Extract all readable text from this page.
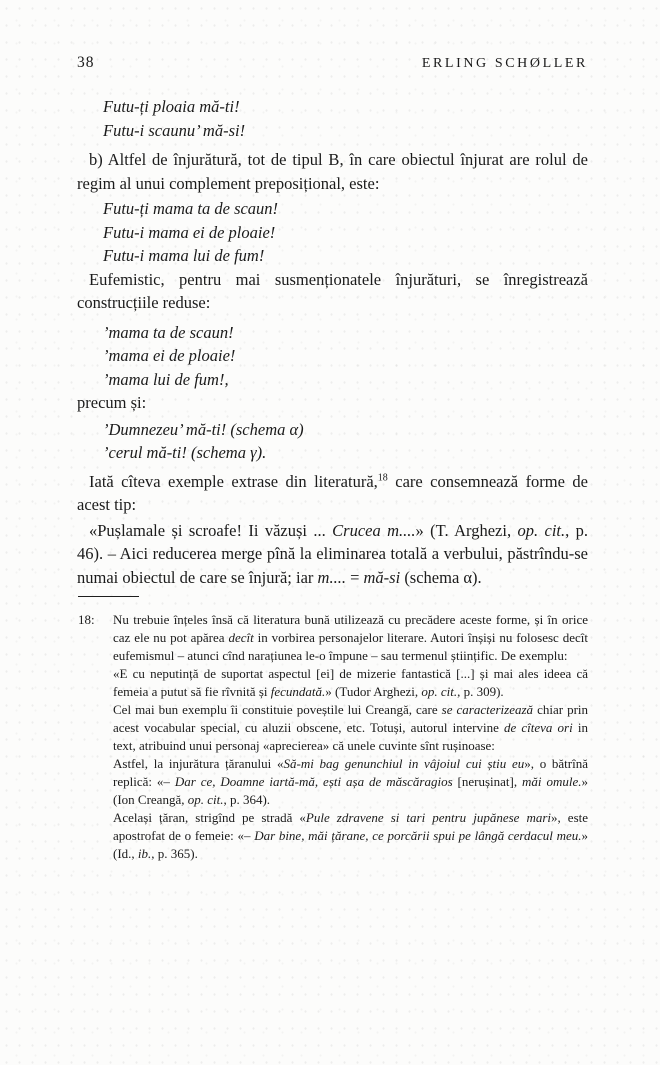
38	ERLING SCHØLLER
Futu-ți ploaia mă-ti!
Futu-i scaunu’ mă-si!

b) Altfel de înjurătură, tot de tipul B, în care obiectul înjurat are rolul de regim al unui complement preposițional, este:

Futu-ți mama ta de scaun!
Futu-i mama ei de ploaie!
Futu-i mama lui de fum!

Eufemistic, pentru mai susmenționatele înjurături, se înregistrează construcțiile reduse:

’mama ta de scaun!
’mama ei de ploaie!
’mama lui de fum!,

precum și:

’Dumnezeu’ mă-ti! (schema α)
’cerul mă-ti! (schema γ).

Iată cîteva exemple extrase din literatură,$^{18}$ care consemnează forme de acest tip:

«Pușlamale și scroafe! Ii văzuși ... Crucea m....» (T. Arghezi, op. cit., p. 46). – Aici reducerea merge pînă la eliminarea totală a verbului, păstrîndu-se numai obiectul de care se înjură; iar m.... = mă-si (schema α).

18: Nu trebuie înțeles însă că literatura bună utilizează cu precădere aceste forme, și în orice caz ele nu pot apărea decît in vorbirea personajelor literare. Autori înșiși nu folosesc decît eufemismul – atunci cînd narațiunea le-o împune – sau termenul științific. De exemplu:

«E cu neputință de suportat aspectul [ei] de mizerie fantastică [...] și mai ales ideea că femeia a putut să fie rîvnită și fecundată.» (Tudor Arghezi, op. cit., p. 309).

Cel mai bun exemplu îi constituie poveștile lui Creangă, care se caracterizează chiar prin acest vocabular special, cu aluzii obscene, etc. Totuși, autorul intervine de cîteva ori in text, atribuind unui personaj «aprecierea» că unele cuvinte sînt rușinoase:

Astfel, la injurătura țăranului «Să-mi bag genunchiul in vâjoiul cui știu eu», o bătrînă replică: «– Dar ce, Doamne iartă-mă, ești așa de măscăragios [nerușinat], măi omule.» (Ion Creangă, op. cit., p. 364).

Același țăran, strigînd pe stradă «Pule zdravene si tari pentru jupănese mari», este apostrofat de o femeie: «– Dar bine, măi țărane, ce porcării spui pe lângă cerdacul meu.» (Id., ib., p. 365).
